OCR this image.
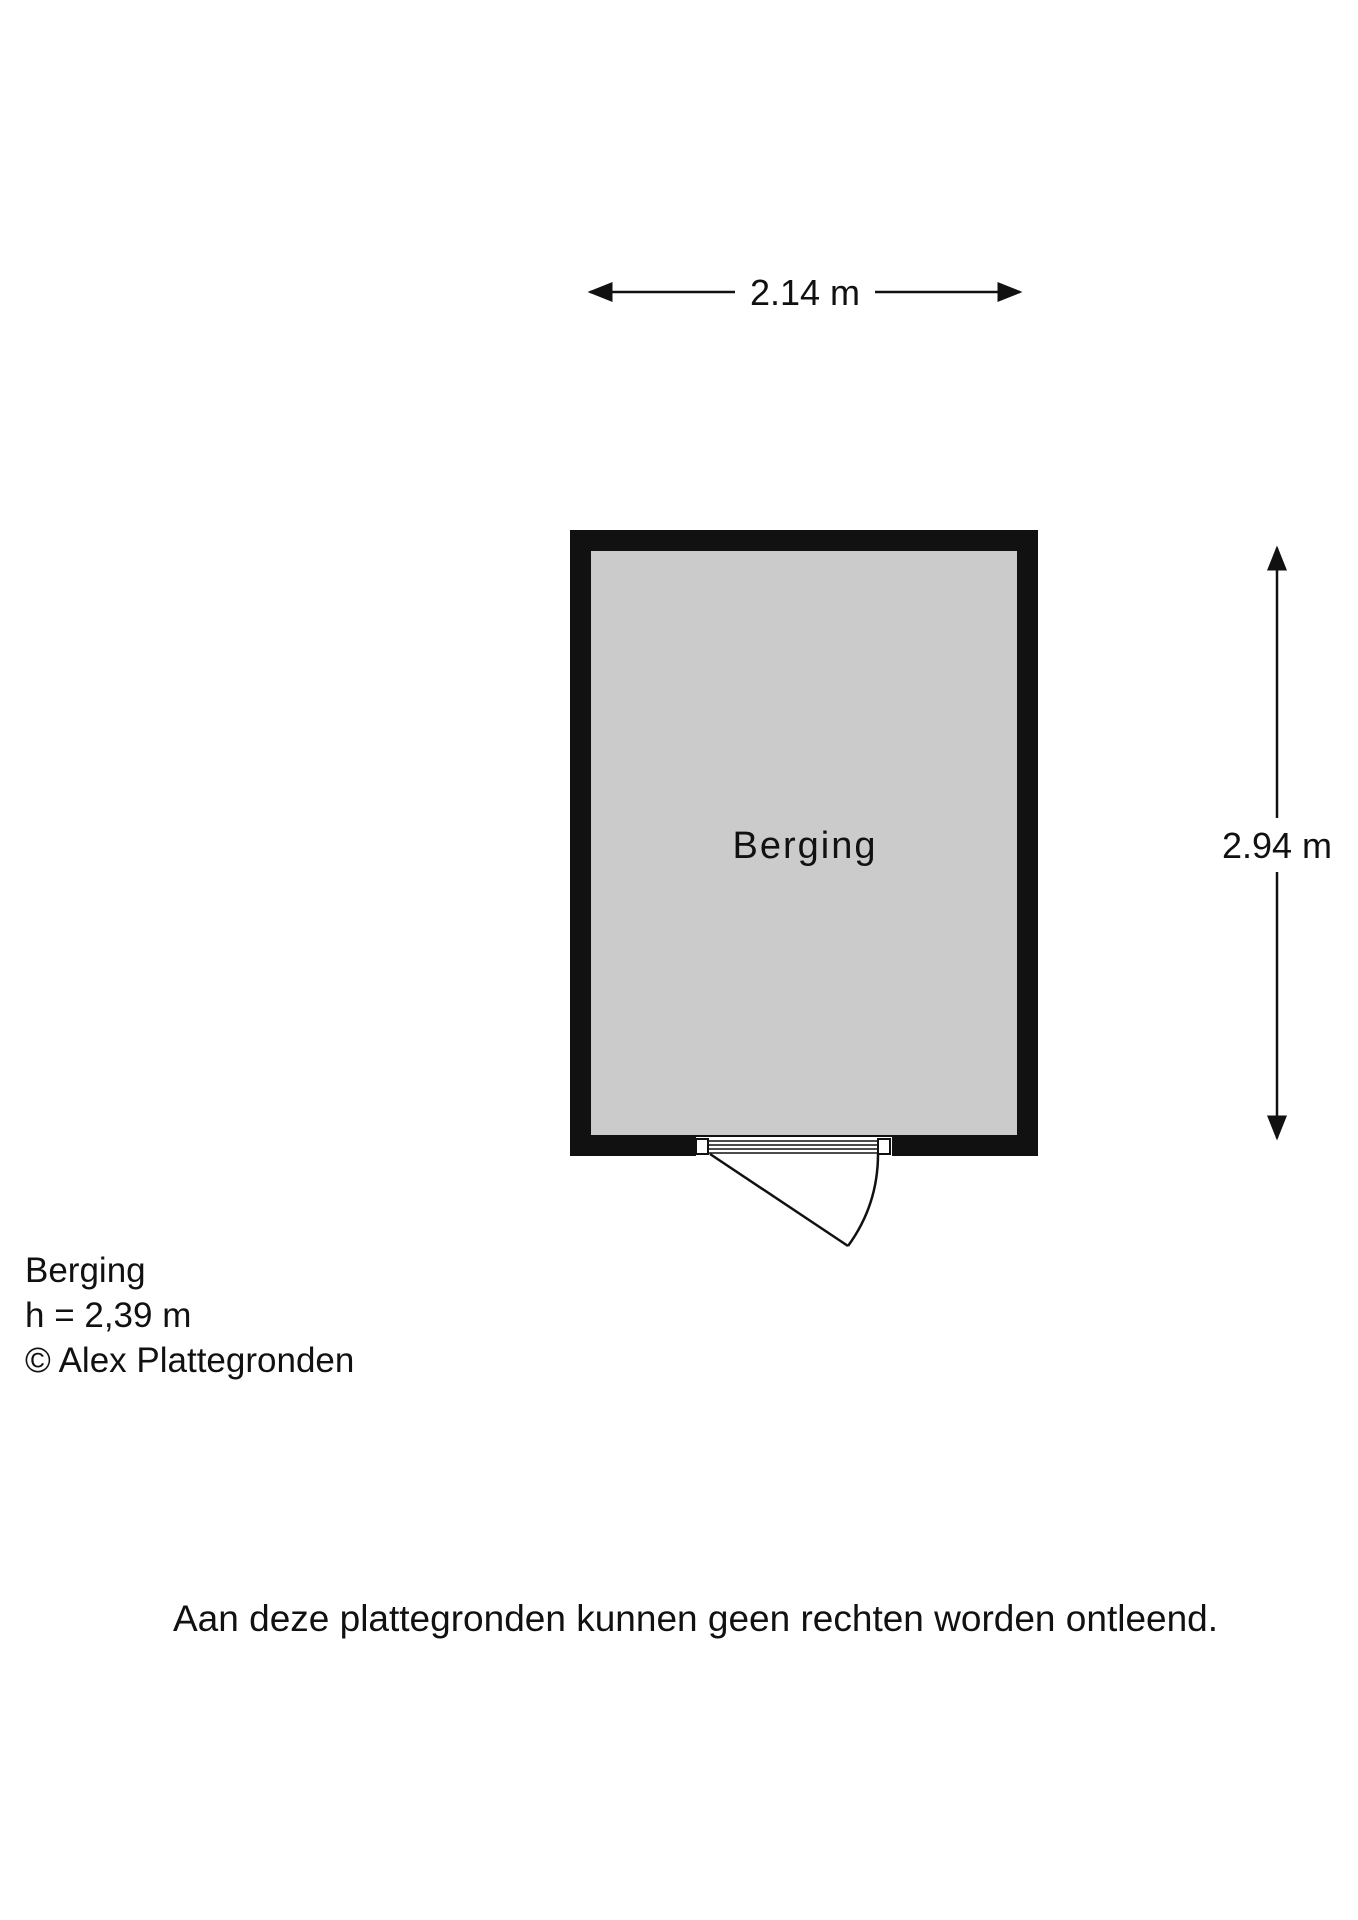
2.14 m
2.94 m
Berging
Berging
h = 2,39 m
© Alex Plattegronden
Aan deze plattegronden kunnen geen rechten worden ontleend.
